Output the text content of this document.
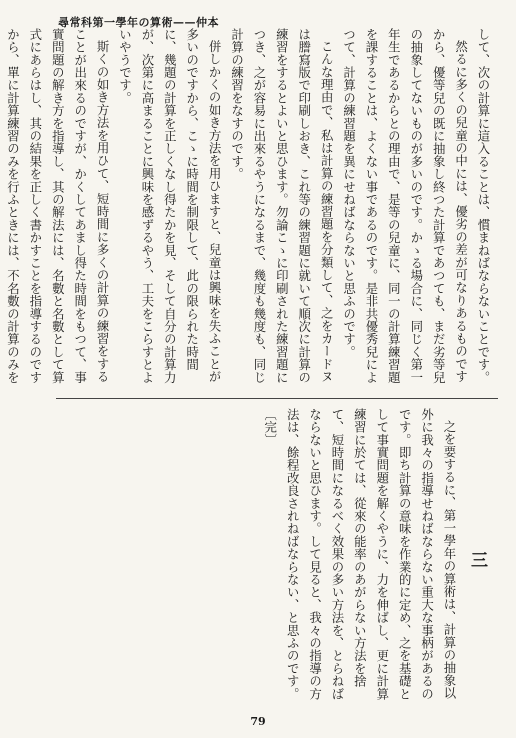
尋常科第一學年の算術——仲本

して、次の計算に這入ることは、慣まねばならないことです。

然るに多くの兒童の中には、優劣の差が可なりあるものですから、優等兒の既に抽象し終つた計算であつても、まだ劣等兒の抽象してないものが多いのです。かゝる場合に、同じく第一年生であるからとの理由で、是等の兒童に、同一の計算練習題を課することは、よくない事であるのです。是非共優秀兒によつて、計算の練習題を異にせねばならないと思ふのです。

こんな理由で、私は計算の練習題を分類して、之をカードヌは謄寫版で印刷しおき、これ等の練習題に就いて順次に計算の練習をするとよいと思ひます。勿論こゝに印刷された練習題につき、之が容易に出來るやうになるまで、幾度も幾度も、同じ計算の練習をなすのです。

併しかくの如き方法を用ひますと、兒童は興味を失ふことが多いのですから、こゝに時間を制限して、此の限られた時間に、幾題の計算を正しくなし得たかを見、そして自分の計算力が、次第に高まることに興味を感ずるやう、工夫をこらすとよいやうです。

斯くの如き方法を用ひて、短時間に多くの計算の練習をすることが出來るのですが、かくしてあまし得た時間をもつて、事實問題の解き方を指導し、其の解法には、名數と名數として算式にあらはし、其の結果を正しく書かすことを指導するのですから、單に計算練習のみを行ふときには、不名數の計算のみを

三

之を要するに、第一學年の算術は、計算の抽象以外に我々の指導せねばならない重大な事柄があるのです。即ち計算の意味を作業的に定め、之を基礎として事實問題を解くやうに、力を伸ばし、更に計算練習に於ては、從來の能率のあがらない方法を捨て、短時間になるべく效果の多い方法を、とらねばならないと思ひます。して見ると、我々の指導の方法は、餘程改良されねばならない、と思ふのです。〔完〕

79
